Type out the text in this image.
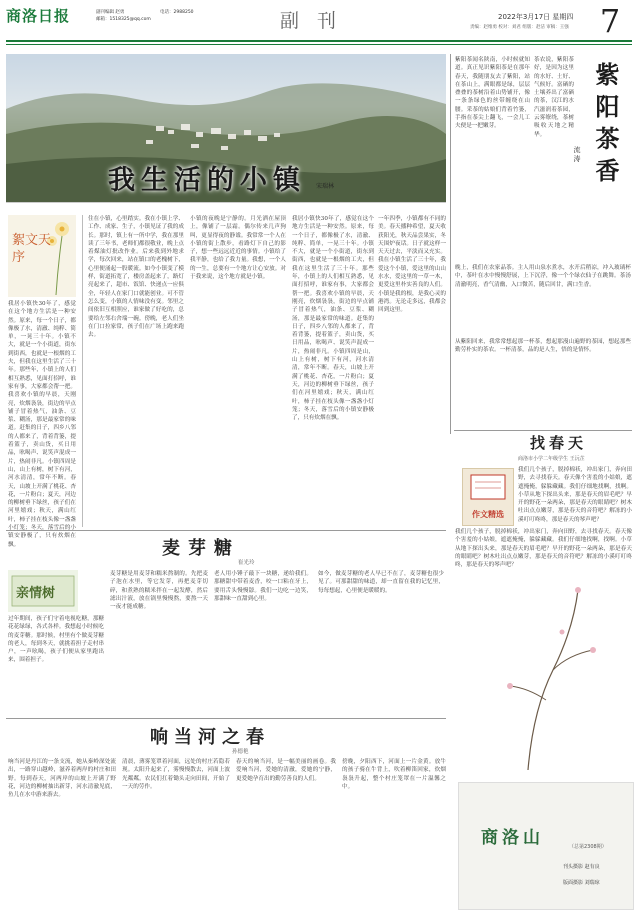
商洛日报	副刊编辑 赵勇
邮箱：1518325@qq.com
电话：2988250	副 刊	2022年3月17日 星期四
责编：赵维勇 校对：刘君 组版：赵洁 审稿：王强 7
我生活的小镇 宋瑞林
絮文天序
我居小镇快30年了，感觉在这个地方生活是一种安然。原来，每一个日子，都像极了水，清澈、纯粹、简单，一晃三十年。小镇不大，就是一个小街道，街东到街西，也就是一根烟的工夫，但我在这里生活了三十年。那些年，小镇上的人们相互熟悉，见面打招呼，谁家有事，大家都会帮一把。我喜欢小镇的早晨，天刚亮，炊烟袅袅，街边的早点铺子冒着热气，油条、豆浆、糊汤，那是最家常的味道。赶集的日子，四乡八邻的人都来了，背着背篓，提着篮子，卖山货，买日用品，吆喝声、说笑声混成一片，热闹非凡。小镇四周是山，山上有树，树下有河，河水清清，常年不断。春天，山坡上开满了桃花、杏花，一片粉白；夏天，河边的柳树垂下绿丝，孩子们在河里嬉戏；秋天，满山红叶，柿子挂在枝头像一盏盏小灯笼；冬天，落雪后的小镇安静极了，只有炊烟在飘。
住在小镇，心里踏实。我在小镇上学、工作、成家、生子，小镇见证了我的成长。那时，镇上有一所中学，我在那里读了三年书，老师们都很敬业，晚上点着煤油灯批改作业。后来我到外地求学，每次回来，站在镇口的老槐树下，心里便涌起一股暖流。如今小镇变了模样，街道拓宽了，楼房盖起来了，路灯亮起来了，超市、饭馆、快递点一应俱全，年轻人在家门口就能创业。可不管怎么变，小镇的人情味没有变。邻里之间依旧互相照应，谁家做了好吃的，总要给左邻右舍端一碗。傍晚，老人们坐在门口拉家常，孩子们在广场上跑来跑去。
小镇的夜晚是宁静的。月光洒在屋顶上，像铺了一层霜。偶尔传来几声狗叫，更显得夜的静谧。我常常一个人在小镇的街上散步，看路灯下自己的影子，想一些远远近近的事情。小镇给了我平静，也给了我力量。我想，一个人的一生，总要有一个地方让心安放。对于我来说，这个地方就是小镇。
我居小镇快30年了，感觉在这个地方生活是一种安然。原来，每一个日子，都像极了水，清澈、纯粹、简单，一晃三十年。小镇不大，就是一个小街道，街东到街西，也就是一根烟的工夫，但我在这里生活了三十年。那些年，小镇上的人们相互熟悉，见面打招呼，谁家有事，大家都会帮一把。我喜欢小镇的早晨，天刚亮，炊烟袅袅，街边的早点铺子冒着热气，油条、豆浆、糊汤，那是最家常的味道。赶集的日子，四乡八邻的人都来了，背着背篓，提着篮子，卖山货，买日用品，吆喝声、说笑声混成一片，热闹非凡。小镇四周是山，山上有树，树下有河，河水清清，常年不断。春天，山坡上开满了桃花、杏花，一片粉白；夏天，河边的柳树垂下绿丝，孩子们在河里嬉戏；秋天，满山红叶，柿子挂在枝头像一盏盏小灯笼；冬天，落雪后的小镇安静极了，只有炊烟在飘。
一年四季，小镇都有不同的美。春天播种希望，夏天收获阳光，秋天品尝果实，冬天围炉夜话。日子就这样一天天过去，平淡而又充实。我在小镇生活了三十年，我爱这个小镇，爱这里的山山水水，爱这里的一草一木，更爱这里朴实善良的人们。小镇是我的根，是我心灵的港湾。无论走多远，我都会回到这里。
紫阳茶闻名陕南，小时候就知道。真正见识紫阳茶是在那年春天，我随朋友去了紫阳，站在茶山上，满眼都是绿，层层叠叠的茶树沿着山势铺开，像一条条绿色的丝带缠绕在山腰。采茶的姑娘们背着竹篓，手指在茶尖上翻飞，一会儿工夫便是一把嫩芽。	紫阳茶香
流涛
茶农说，紫阳茶好，是因为这里的水好、土好、气候好。富硒的土壤养出了富硒的茶，汉江的水汽滋润着茶园，云雾缭绕，茶树吸收天地之精华。
晚上，我们在农家品茶。主人用山泉水煮水，水开后稍凉，冲入玻璃杯中，茶叶在水中慢慢舒展，上下沉浮，像一个个绿衣仙子在跳舞。茶汤清澈明亮，香气清幽，入口微苦，随后回甘，满口生香。
从紫阳回来，我常常想起那一杯茶，想起那漫山遍野的茶园，想起那些勤劳朴实的茶农。一杯清茶，品的是人生，悟的是情怀。
找春天
商洛市小学二年级学生 王沅芷
作文精选
我们几个孩子，脱掉棉袄，冲出家门，奔向田野，去寻找春天。春天像个害羞的小姑娘，遮遮掩掩，躲躲藏藏。我们仔细地找啊，找啊。小草从地下探出头来，那是春天的眉毛吧？早开的野花一朵两朵，那是春天的眼睛吧？树木吐出点点嫩芽，那是春天的音符吧？解冻的小溪叮叮咚咚，那是春天的琴声吧？
我们几个孩子，脱掉棉袄，冲出家门，奔向田野，去寻找春天。春天像个害羞的小姑娘，遮遮掩掩，躲躲藏藏。我们仔细地找啊，找啊。小草从地下探出头来，那是春天的眉毛吧？早开的野花一朵两朵，那是春天的眼睛吧？树木吐出点点嫩芽，那是春天的音符吧？解冻的小溪叮叮咚咚，那是春天的琴声吧？
麦芽糖
崔光玲
亲情树
过年期间，孩子们守着电视吃糖，那糖花花绿绿，各式各样。我想起小时候吃的麦芽糖。那时候，村里有个做麦芽糖的老人，每到冬天，就挑着担子走村串户，一声吆喝，孩子们便从家里跑出来，围着担子。
麦芽糖是用麦芽和糯米熬制的。先把麦子泡在水里，等它发芽，再把麦芽切碎，和煮熟的糯米拌在一起发酵，然后滤出汁液，放在锅里慢慢熬，要熬一天一夜才能成糖。
老人用小锤子敲下一块糖，递给我们。那糖甜中带着麦香，咬一口粘在牙上，要用舌头慢慢舔。我们一边吃一边笑，那甜味一直甜到心里。
如今，做麦芽糖的老人早已不在了，麦芽糖也很少见了。可那甜甜的味道，却一直留在我的记忆里，每每想起，心里便是暖暖的。
响当河之春
孙德艳
响当河是丹江的一条支流，她从秦岭深处流出，一路穿山越岭，滋养着两岸的村庄和田野。每到春天，河两岸的山坡上开满了野花，河边的柳树抽出新芽，河水清澈见底，鱼儿在水中游来游去。
清晨，薄雾笼罩着河面，远处的村庄若隐若现。太阳升起来了，雾慢慢散去，河面上波光粼粼。农民们扛着锄头走向田间，开始了一天的劳作。
春天的响当河，是一幅美丽的画卷。我爱响当河，爱她的清澈，爱她的宁静，更爱她孕育出的勤劳善良的人们。
傍晚，夕阳西下，河面上一片金黄。放牛的孩子骑在牛背上，吹着柳笛回家，炊烟袅袅升起，整个村庄笼罩在一片温馨之中。
商洛山	（总第2308期）
刊头摄影 赵有良
版面摄影 刘瑞琼
